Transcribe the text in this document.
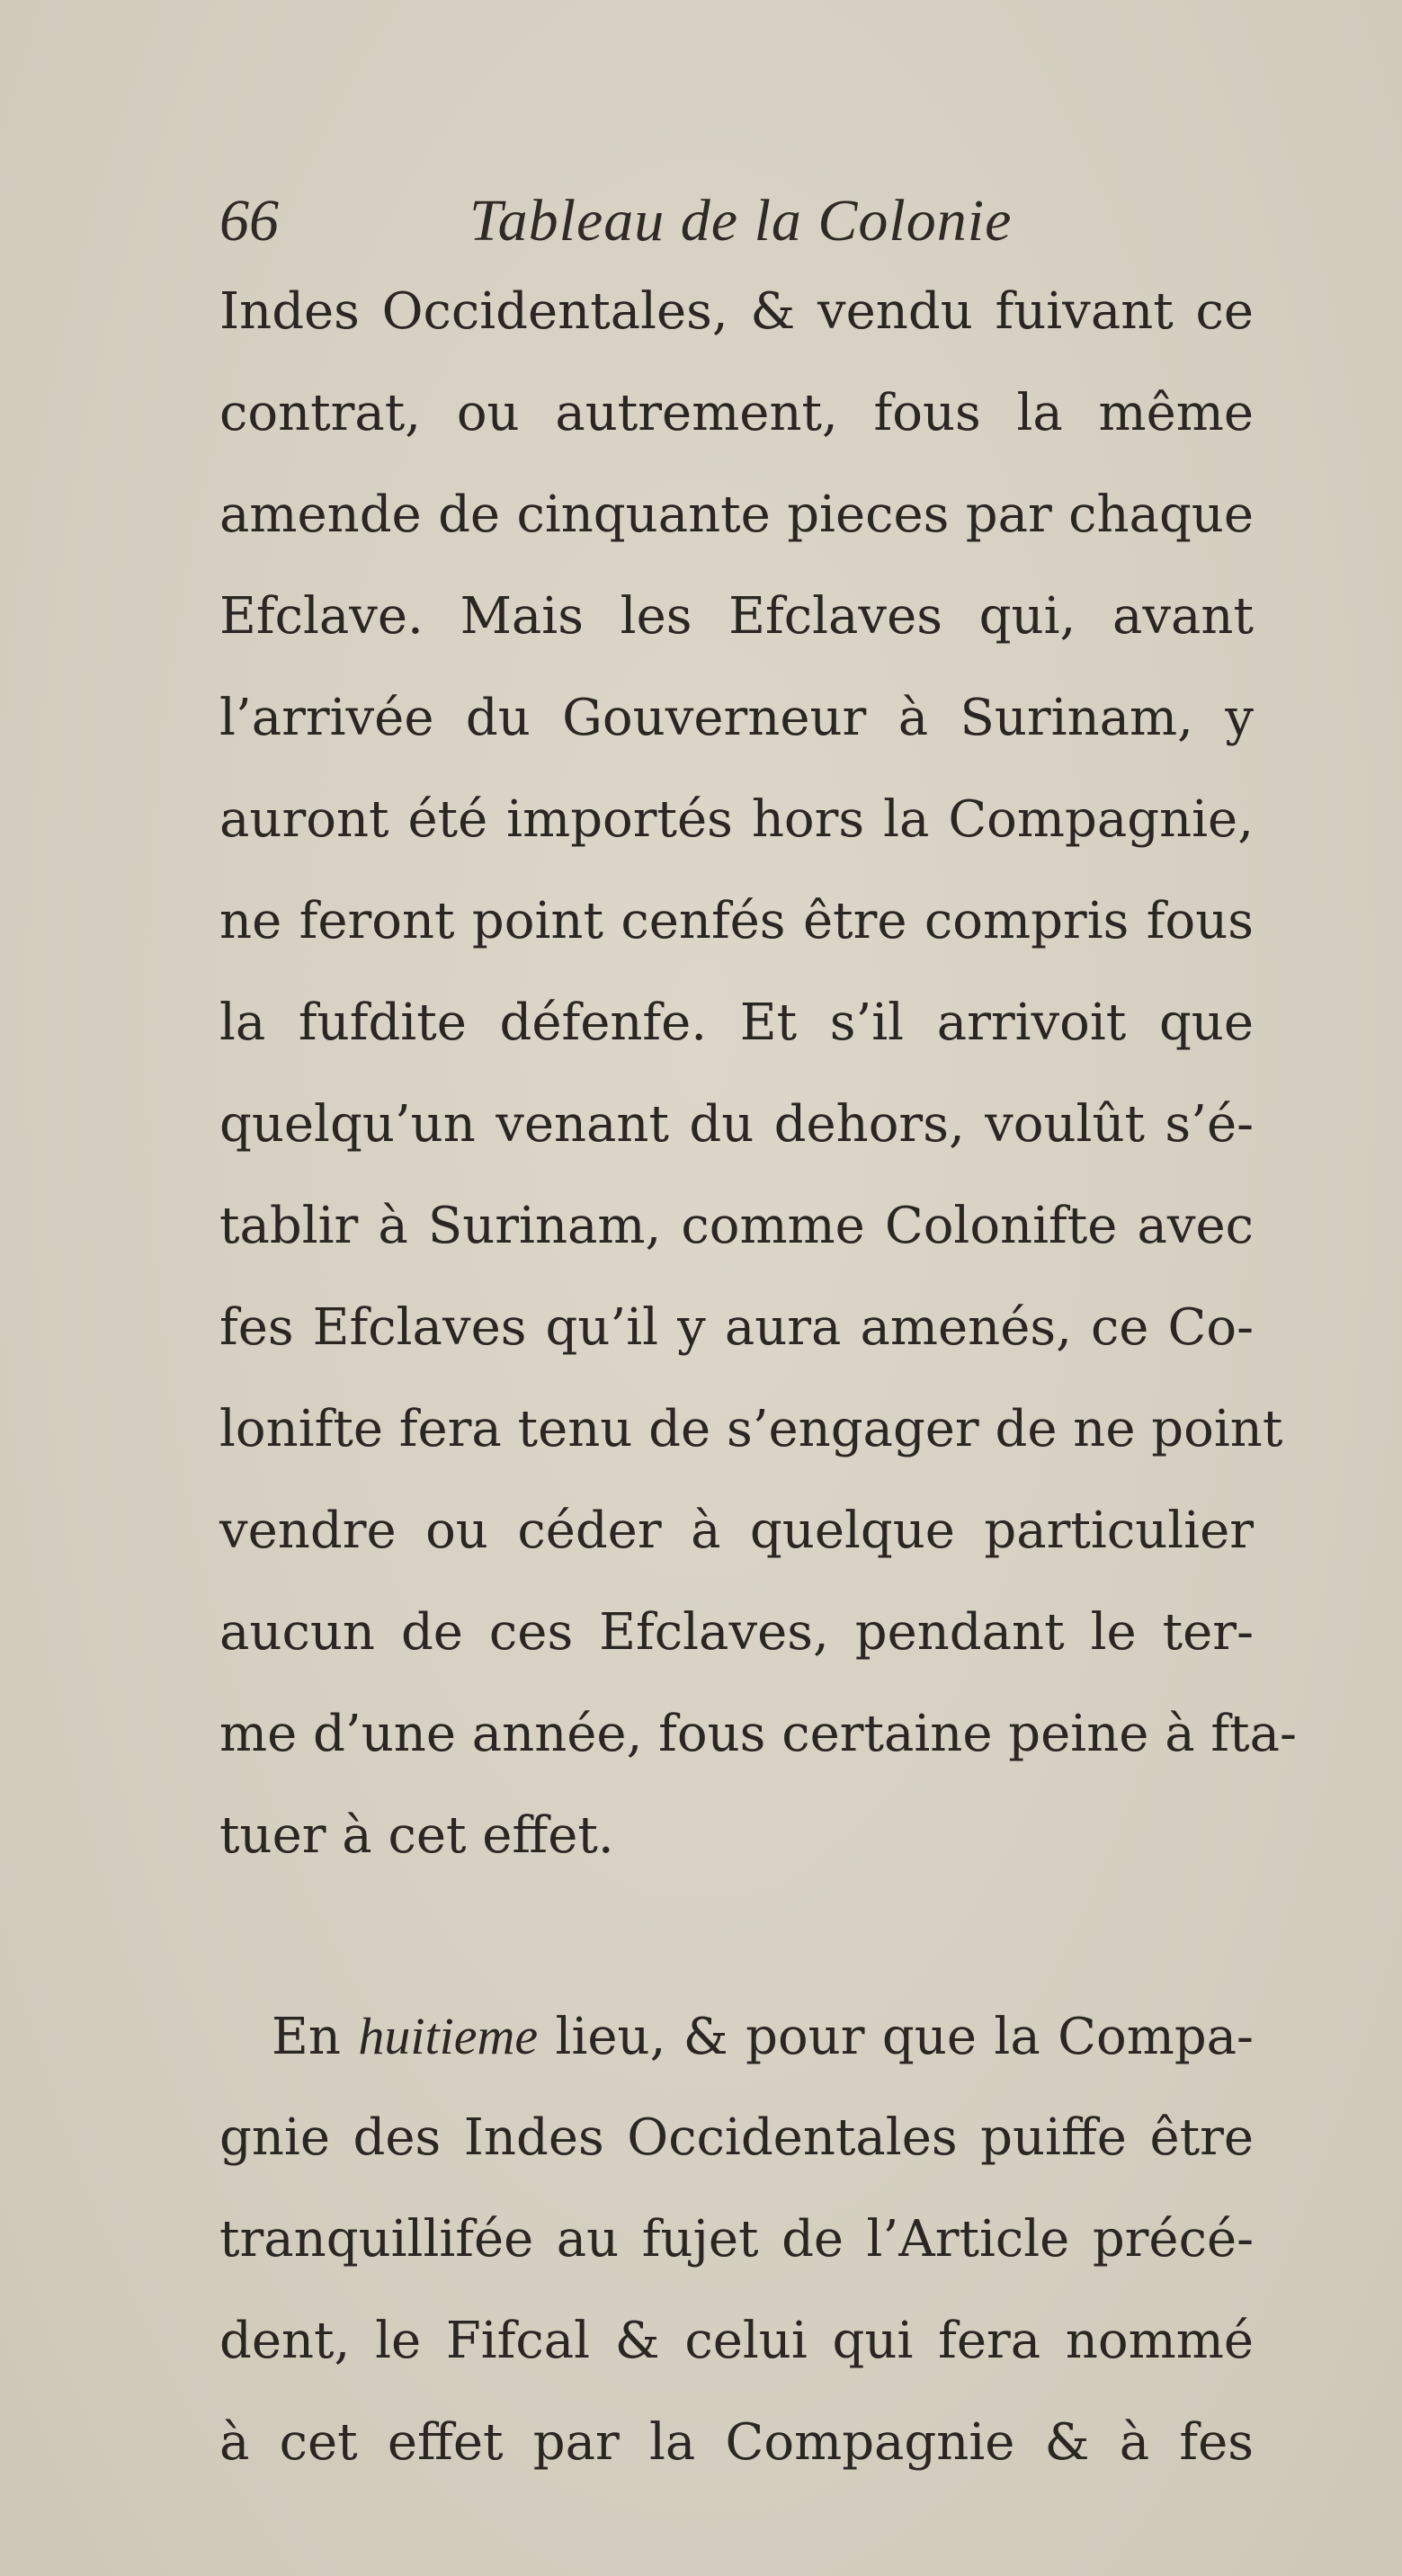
66	Tableau de la Colonie
Indes Occidentales, & vendu fuivant ce
contrat, ou autrement, fous la même
amende de cinquante pieces par chaque
Efclave. Mais les Efclaves qui, avant
l’arrivée du Gouverneur à Surinam, y
auront été importés hors la Compagnie,
ne feront point cenfés être compris fous
la fufdite défenfe. Et s’il arrivoit que
quelqu’un venant du dehors, voulût s’é-
tablir à Surinam, comme Colonifte avec
fes Efclaves qu’il y aura amenés, ce Co-
lonifte fera tenu de s’engager de ne point
vendre ou céder à quelque particulier
aucun de ces Efclaves, pendant le ter-
me d’une année, fous certaine peine à fta-
tuer à cet effet.
En huitieme lieu, & pour que la Compa-
gnie des Indes Occidentales puiffe être
tranquillifée au fujet de l’Article précé-
dent, le Fifcal & celui qui fera nommé
à cet effet par la Compagnie & à fes
